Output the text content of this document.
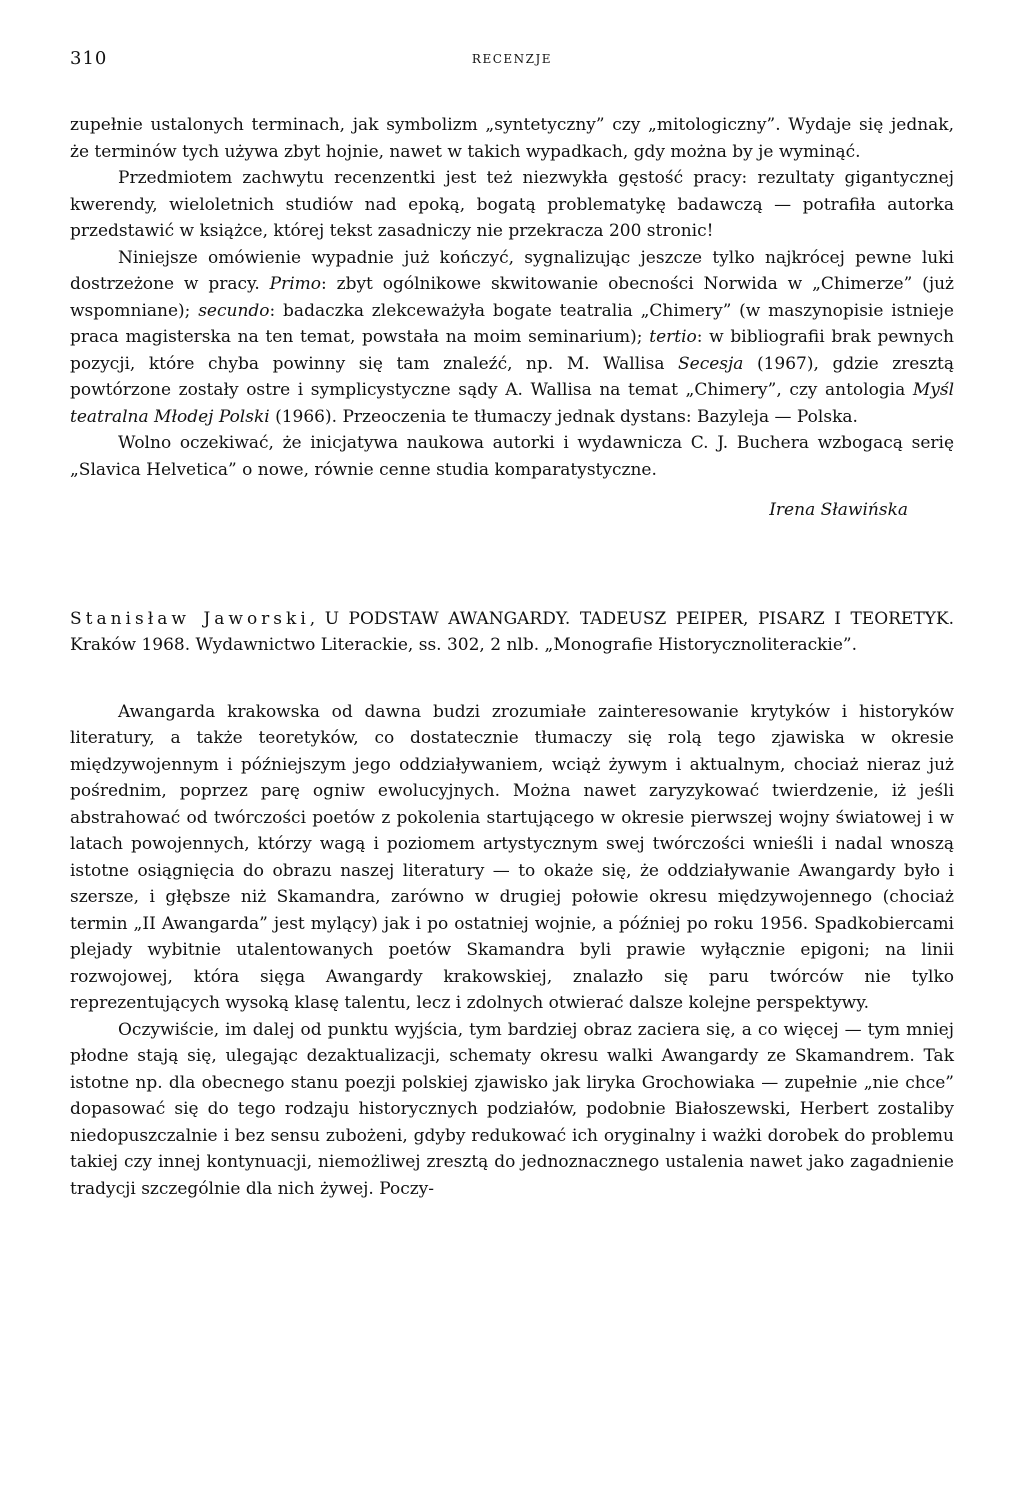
310	RECENZJE

zupełnie ustalonych terminach, jak symbolizm „syntetyczny” czy „mitologiczny”. Wydaje się jednak, że terminów tych używa zbyt hojnie, nawet w takich wypadkach, gdy można by je wyminąć.

Przedmiotem zachwytu recenzentki jest też niezwykła gęstość pracy: rezultaty gigantycznej kwerendy, wieloletnich studiów nad epoką, bogatą problematykę badawczą — potrafiła autorka przedstawić w książce, której tekst zasadniczy nie przekracza 200 stronic!

Niniejsze omówienie wypadnie już kończyć, sygnalizując jeszcze tylko najkrócej pewne luki dostrzeżone w pracy. Primo: zbyt ogólnikowe skwitowanie obecności Norwida w „Chimerze” (już wspomniane); secundo: badaczka zlekceważyła bogate teatralia „Chimery” (w maszynopisie istnieje praca magisterska na ten temat, powstała na moim seminarium); tertio: w bibliografii brak pewnych pozycji, które chyba powinny się tam znaleźć, np. M. Wallisa Secesja (1967), gdzie zresztą powtórzone zostały ostre i symplicystyczne sądy A. Wallisa na temat „Chimery”, czy antologia Myśl teatralna Młodej Polski (1966). Przeoczenia te tłumaczy jednak dystans: Bazyleja — Polska.

Wolno oczekiwać, że inicjatywa naukowa autorki i wydawnicza C. J. Buchera wzbogacą serię „Slavica Helvetica” o nowe, równie cenne studia komparatystyczne.

Irena Sławińska

Stanisław Jaworski, U PODSTAW AWANGARDY. TADEUSZ PEIPER, PISARZ I TEORETYK. Kraków 1968. Wydawnictwo Literackie, ss. 302, 2 nlb. „Monografie Historycznoliterackie”.

Awangarda krakowska od dawna budzi zrozumiałe zainteresowanie krytyków i historyków literatury, a także teoretyków, co dostatecznie tłumaczy się rolą tego zjawiska w okresie międzywojennym i późniejszym jego oddziaływaniem, wciąż żywym i aktualnym, chociaż nieraz już pośrednim, poprzez parę ogniw ewolucyjnych. Można nawet zaryzykować twierdzenie, iż jeśli abstrahować od twórczości poetów z pokolenia startującego w okresie pierwszej wojny światowej i w latach powojennych, którzy wagą i poziomem artystycznym swej twórczości wnieśli i nadal wnoszą istotne osiągnięcia do obrazu naszej literatury — to okaże się, że oddziaływanie Awangardy było i szersze, i głębsze niż Skamandra, zarówno w drugiej połowie okresu międzywojennego (chociaż termin „II Awangarda” jest mylący) jak i po ostatniej wojnie, a później po roku 1956. Spadkobiercami plejady wybitnie utalentowanych poetów Skamandra byli prawie wyłącznie epigoni; na linii rozwojowej, która sięga Awangardy krakowskiej, znalazło się paru twórców nie tylko reprezentujących wysoką klasę talentu, lecz i zdolnych otwierać dalsze kolejne perspektywy.

Oczywiście, im dalej od punktu wyjścia, tym bardziej obraz zaciera się, a co więcej — tym mniej płodne stają się, ulegając dezaktualizacji, schematy okresu walki Awangardy ze Skamandrem. Tak istotne np. dla obecnego stanu poezji polskiej zjawisko jak liryka Grochowiaka — zupełnie „nie chce” dopasować się do tego rodzaju historycznych podziałów, podobnie Białoszewski, Herbert zostaliby niedopuszczalnie i bez sensu zubożeni, gdyby redukować ich oryginalny i ważki dorobek do problemu takiej czy innej kontynuacji, niemożliwej zresztą do jednoznacznego ustalenia nawet jako zagadnienie tradycji szczególnie dla nich żywej. Poczy-
